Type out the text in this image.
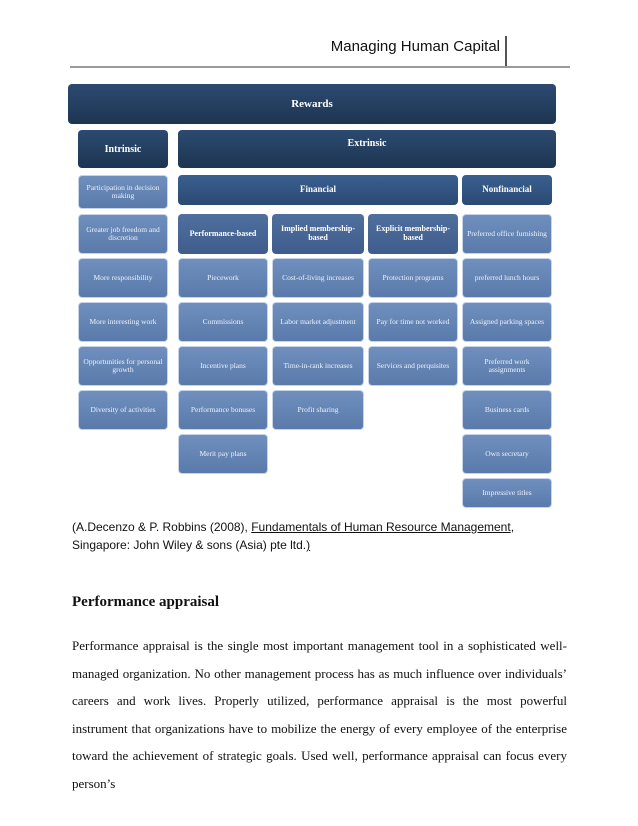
Managing Human Capital
Rewards
Intrinsic	Extrinsic
Financial	Nonfinancial
Participation in decision making
Greater job freedom and discretion
More responsibility
More interesting work
Opportunities for personal growth
Diversity of activities
Performance-based
Piecework
Commissions
Incentive plans
Performance bonuses
Merit pay plans
Implied membership-based
Cost-of-living increases
Labor market adjustment
Time-in-rank increases
Profit sharing
Explicit membership-based
Protection programs
Pay for time not worked
Services and perquisites
Preferred office furnishing
preferred lunch hours
Assigned parking spaces
Preferred work assignments
Business cards
Own secretary
Impressive titles
(A.Decenzo & P. Robbins (2008), Fundamentals of Human Resource Management, Singapore: John Wiley & sons (Asia) pte ltd.)
Performance appraisal
Performance appraisal is the single most important management tool in a sophisticated well-managed organization. No other management process has as much influence over individuals’ careers and work lives. Properly utilized, performance appraisal is the most powerful instrument that organizations have to mobilize the energy of every employee of the enterprise toward the achievement of strategic goals. Used well, performance appraisal can focus every person’s
